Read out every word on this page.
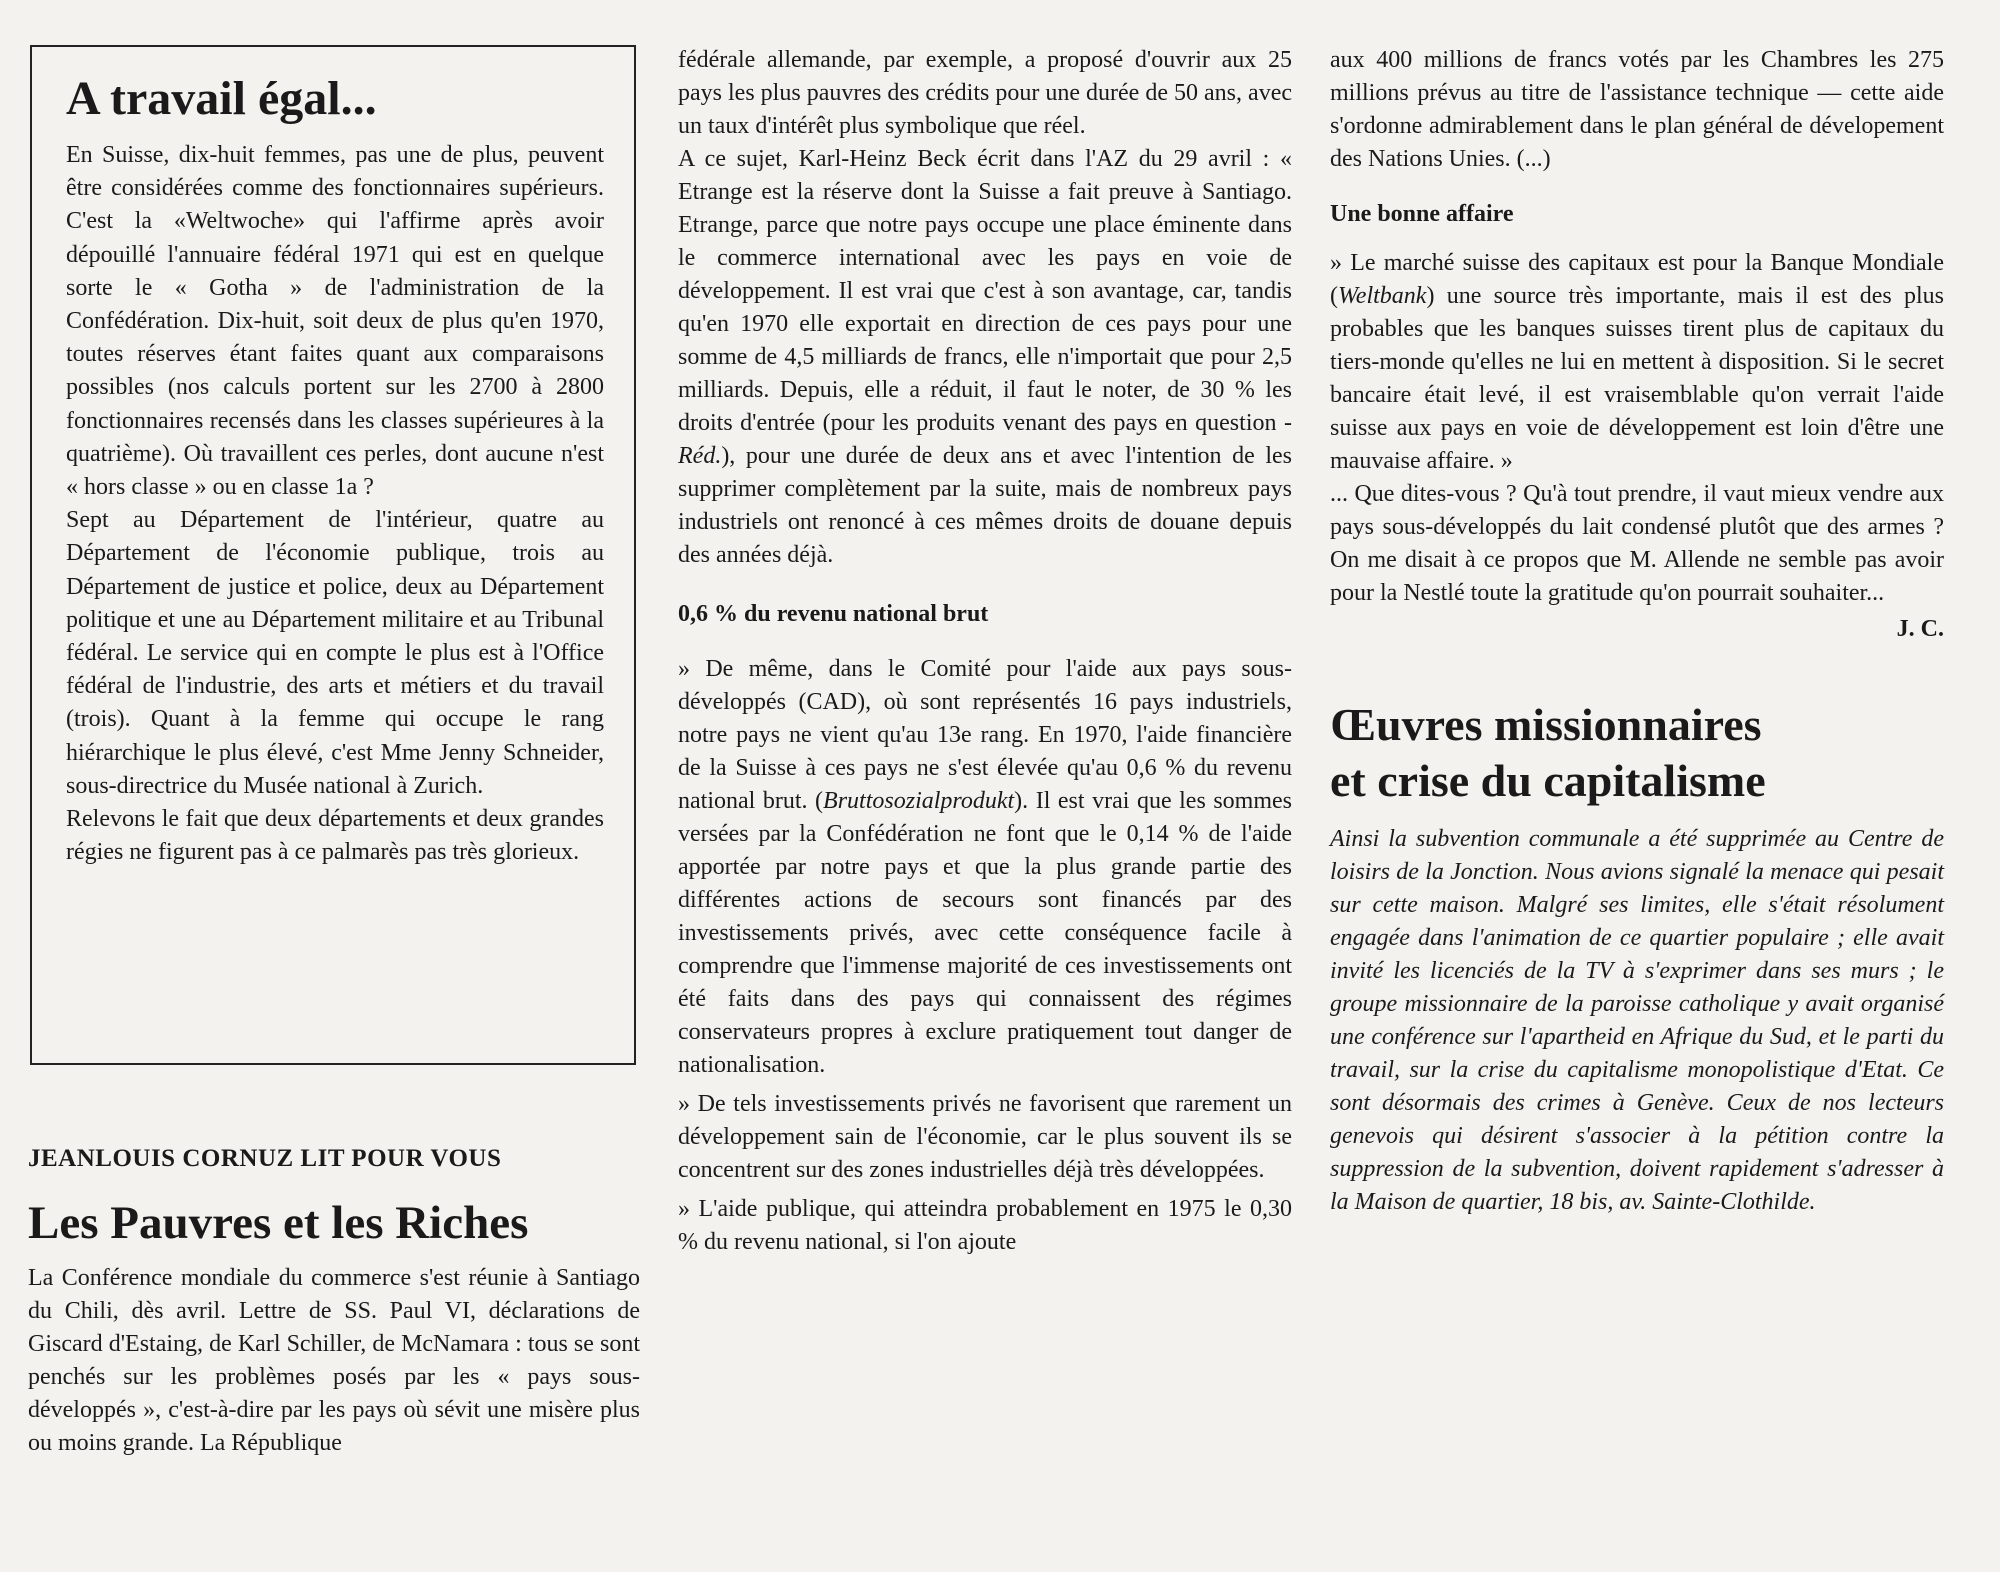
A travail égal...

En Suisse, dix-huit femmes, pas une de plus, peuvent être considérées comme des fonctionnaires supérieurs. C'est la «Weltwoche» qui l'affirme après avoir dépouillé l'annuaire fédéral 1971 qui est en quelque sorte le « Gotha » de l'administration de la Confédération. Dix-huit, soit deux de plus qu'en 1970, toutes réserves étant faites quant aux comparaisons possibles (nos calculs portent sur les 2700 à 2800 fonctionnaires recensés dans les classes supérieures à la quatrième). Où travaillent ces perles, dont aucune n'est « hors classe » ou en classe 1a ?

Sept au Département de l'intérieur, quatre au Département de l'économie publique, trois au Département de justice et police, deux au Département politique et une au Département militaire et au Tribunal fédéral. Le service qui en compte le plus est à l'Office fédéral de l'industrie, des arts et métiers et du travail (trois). Quant à la femme qui occupe le rang hiérarchique le plus élevé, c'est Mme Jenny Schneider, sous-directrice du Musée national à Zurich.

Relevons le fait que deux départements et deux grandes régies ne figurent pas à ce palmarès pas très glorieux.

JEANLOUIS CORNUZ LIT POUR VOUS
Les Pauvres et les Riches

La Conférence mondiale du commerce s'est réunie à Santiago du Chili, dès avril. Lettre de SS. Paul VI, déclarations de Giscard d'Estaing, de Karl Schiller, de McNamara : tous se sont penchés sur les problèmes posés par les « pays sous-développés », c'est-à-dire par les pays où sévit une misère plus ou moins grande. La République

fédérale allemande, par exemple, a proposé d'ouvrir aux 25 pays les plus pauvres des crédits pour une durée de 50 ans, avec un taux d'intérêt plus symbolique que réel.

A ce sujet, Karl-Heinz Beck écrit dans l'AZ du 29 avril : « Etrange est la réserve dont la Suisse a fait preuve à Santiago. Etrange, parce que notre pays occupe une place éminente dans le commerce international avec les pays en voie de développement. Il est vrai que c'est à son avantage, car, tandis qu'en 1970 elle exportait en direction de ces pays pour une somme de 4,5 milliards de francs, elle n'importait que pour 2,5 milliards. Depuis, elle a réduit, il faut le noter, de 30 % les droits d'entrée (pour les produits venant des pays en question - Réd.), pour une durée de deux ans et avec l'intention de les supprimer complètement par la suite, mais de nombreux pays industriels ont renoncé à ces mêmes droits de douane depuis des années déjà.

0,6 % du revenu national brut

» De même, dans le Comité pour l'aide aux pays sous-développés (CAD), où sont représentés 16 pays industriels, notre pays ne vient qu'au 13e rang. En 1970, l'aide financière de la Suisse à ces pays ne s'est élevée qu'au 0,6 % du revenu national brut. (Bruttosozialprodukt). Il est vrai que les sommes versées par la Confédération ne font que le 0,14 % de l'aide apportée par notre pays et que la plus grande partie des différentes actions de secours sont financés par des investissements privés, avec cette conséquence facile à comprendre que l'immense majorité de ces investissements ont été faits dans des pays qui connaissent des régimes conservateurs propres à exclure pratiquement tout danger de nationalisation.

» De tels investissements privés ne favorisent que rarement un développement sain de l'économie, car le plus souvent ils se concentrent sur des zones industrielles déjà très développées.

» L'aide publique, qui atteindra probablement en 1975 le 0,30 % du revenu national, si l'on ajoute

aux 400 millions de francs votés par les Chambres les 275 millions prévus au titre de l'assistance technique — cette aide s'ordonne admirablement dans le plan général de dévelopement des Nations Unies. (...)

Une bonne affaire

» Le marché suisse des capitaux est pour la Banque Mondiale (Weltbank) une source très importante, mais il est des plus probables que les banques suisses tirent plus de capitaux du tiers-monde qu'elles ne lui en mettent à disposition. Si le secret bancaire était levé, il est vraisemblable qu'on verrait l'aide suisse aux pays en voie de développement est loin d'être une mauvaise affaire. »

... Que dites-vous ? Qu'à tout prendre, il vaut mieux vendre aux pays sous-développés du lait condensé plutôt que des armes ? On me disait à ce propos que M. Allende ne semble pas avoir pour la Nestlé toute la gratitude qu'on pourrait souhaiter...

J. C.
Œuvres missionnaires
et crise du capitalisme

Ainsi la subvention communale a été supprimée au Centre de loisirs de la Jonction. Nous avions signalé la menace qui pesait sur cette maison. Malgré ses limites, elle s'était résolument engagée dans l'animation de ce quartier populaire ; elle avait invité les licenciés de la TV à s'exprimer dans ses murs ; le groupe missionnaire de la paroisse catholique y avait organisé une conférence sur l'apartheid en Afrique du Sud, et le parti du travail, sur la crise du capitalisme monopolistique d'Etat. Ce sont désormais des crimes à Genève. Ceux de nos lecteurs genevois qui désirent s'associer à la pétition contre la suppression de la subvention, doivent rapidement s'adresser à la Maison de quartier, 18 bis, av. Sainte-Clothilde.
